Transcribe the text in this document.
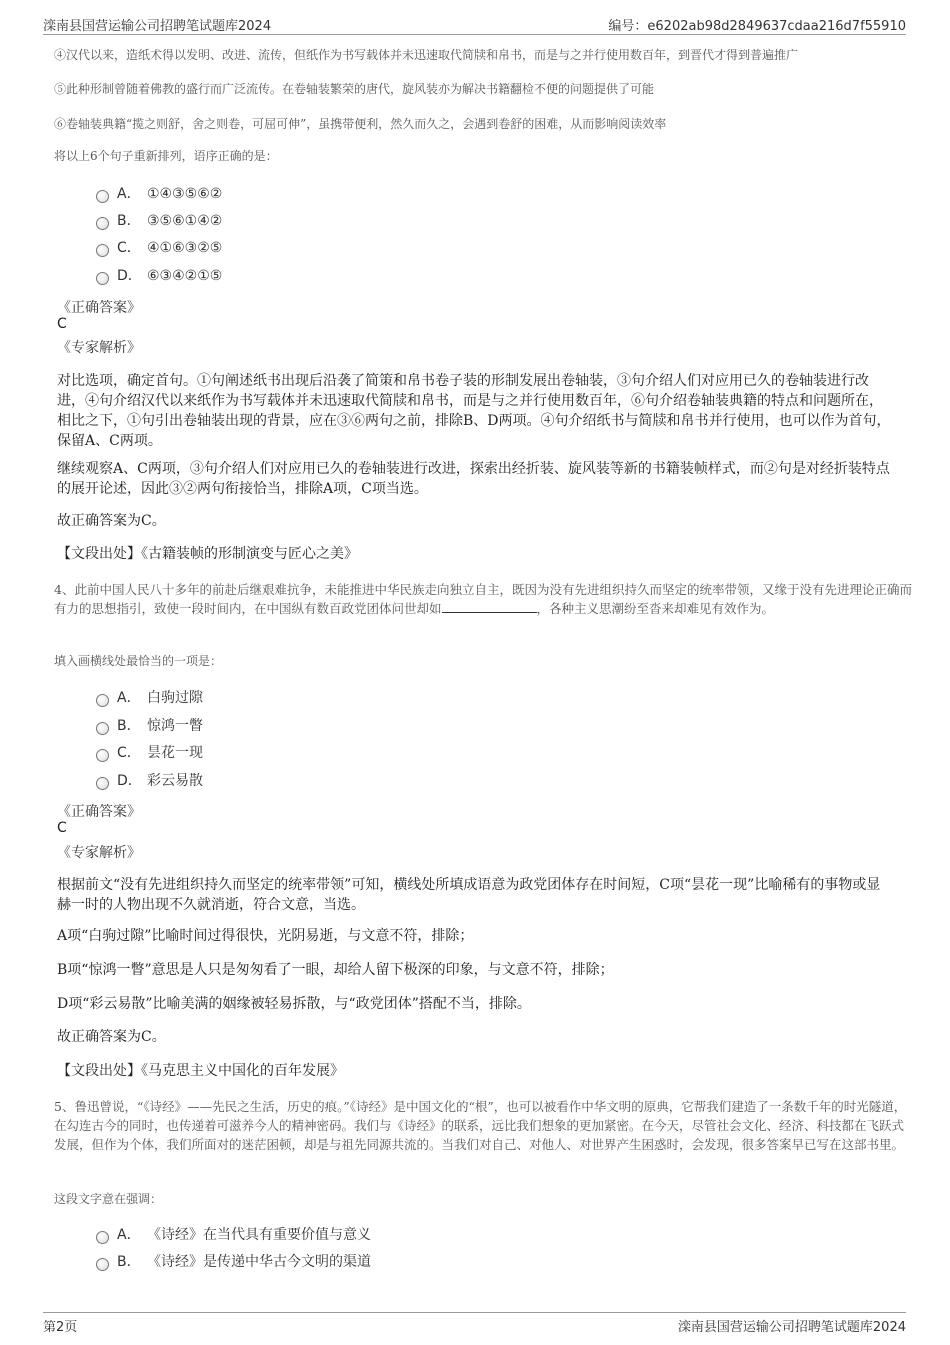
滦南县国营运输公司招聘笔试题库2024	编号：e6202ab98d2849637cdaa216d7f55910
④汉代以来，造纸术得以发明、改进、流传，但纸作为书写载体并未迅速取代简牍和帛书，而是与之并行使用数百年，到晋代才得到普遍推广
⑤此种形制曾随着佛教的盛行而广泛流传。在卷轴装繁荣的唐代，旋风装亦为解决书籍翻检不便的问题提供了可能
⑥卷轴装典籍“揽之则舒，舍之则卷，可屈可伸”，虽携带便利，然久而久之，会遇到卷舒的困难，从而影响阅读效率
将以上6个句子重新排列，语序正确的是：
A． ①④③⑤⑥②
B． ③⑤⑥①④②
C． ④①⑥③②⑤
D． ⑥③④②①⑤
《正确答案》
C
《专家解析》
对比选项，确定首句。①句阐述纸书出现后沿袭了简策和帛书卷子装的形制发展出卷轴装，③句介绍人们对应用已久的卷轴装进行改进，④句介绍汉代以来纸作为书写载体并未迅速取代简牍和帛书，而是与之并行使用数百年，⑥句介绍卷轴装典籍的特点和问题所在，相比之下，①句引出卷轴装出现的背景，应在③⑥两句之前，排除B、D两项。④句介绍纸书与简牍和帛书并行使用，也可以作为首句，保留A、C两项。
继续观察A、C两项，③句介绍人们对应用已久的卷轴装进行改进，探索出经折装、旋风装等新的书籍装帧样式，而②句是对经折装特点的展开论述，因此③②两句衔接恰当，排除A项，C项当选。
故正确答案为C。
【文段出处】《古籍装帧的形制演变与匠心之美》
4、此前中国人民八十多年的前赴后继艰难抗争，未能推进中华民族走向独立自主，既因为没有先进组织持久而坚定的统率带领，又缘于没有先进理论正确而有力的思想指引，致使一段时间内，在中国纵有数百政党团体问世却如	，各种主义思潮纷至沓来却难见有效作为。
填入画横线处最恰当的一项是：
A． 白驹过隙
B． 惊鸿一瞥
C． 昙花一现
D． 彩云易散
《正确答案》
C
《专家解析》
根据前文“没有先进组织持久而坚定的统率带领”可知，横线处所填成语意为政党团体存在时间短，C项“昙花一现”比喻稀有的事物或显赫一时的人物出现不久就消逝，符合文意，当选。
A项“白驹过隙”比喻时间过得很快，光阴易逝，与文意不符，排除；
B项“惊鸿一瞥”意思是人只是匆匆看了一眼，却给人留下极深的印象，与文意不符，排除；
D项“彩云易散”比喻美满的姻缘被轻易拆散，与“政党团体”搭配不当，排除。
故正确答案为C。
【文段出处】《马克思主义中国化的百年发展》
5、鲁迅曾说，“《诗经》——先民之生活，历史的痕。”《诗经》是中国文化的“根”，也可以被看作中华文明的原典，它帮我们建造了一条数千年的时光隧道，在勾连古今的同时，也传递着可滋养今人的精神密码。我们与《诗经》的联系，远比我们想象的更加紧密。在今天，尽管社会文化、经济、科技都在飞跃式发展，但作为个体，我们所面对的迷茫困顿，却是与祖先同源共流的。当我们对自己、对他人、对世界产生困惑时，会发现，很多答案早已写在这部书里。
这段文字意在强调：
A． 《诗经》在当代具有重要价值与意义
B． 《诗经》是传递中华古今文明的渠道
第2页	滦南县国营运输公司招聘笔试题库2024
